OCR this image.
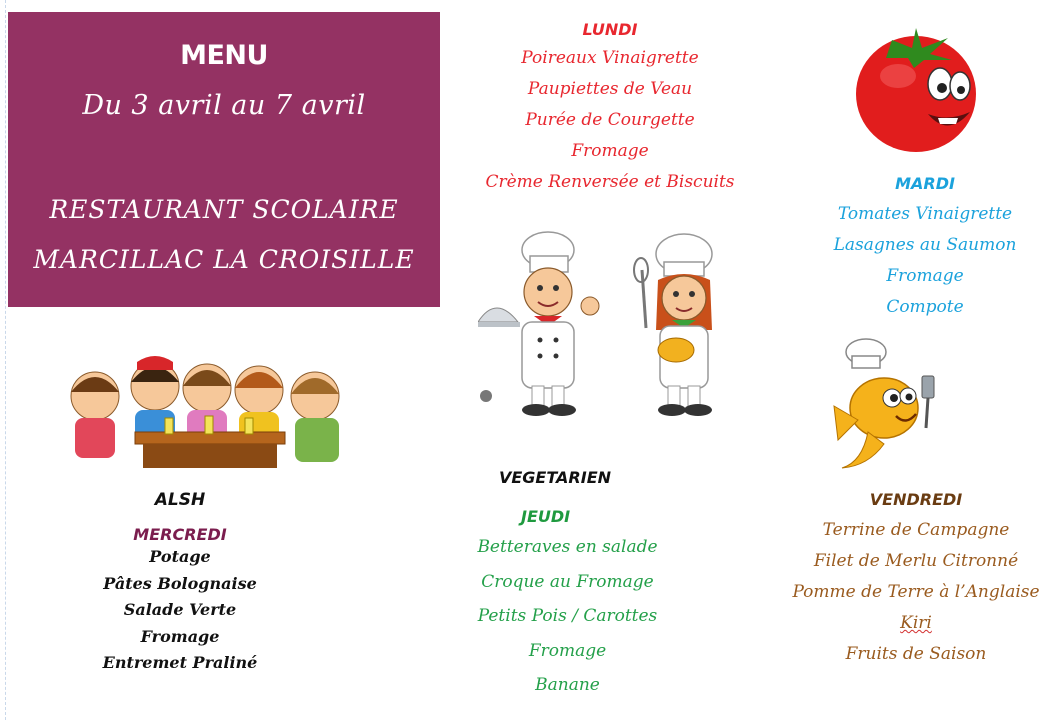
MENU
Du 3 avril au 7 avril
RESTAURANT SCOLAIRE
MARCILLAC LA CROISILLE
LUNDI
Poireaux Vinaigrette
Paupiettes de Veau
Purée de Courgette
Fromage
Crème Renversée et Biscuits	MARDI
Tomates Vinaigrette
Lasagnes au Saumon
Fromage
Compote
ALSH
MERCREDI
Potage
Pâtes Bolognaise
Salade Verte
Fromage
Entremet Praliné
VEGETARIEN
JEUDI
Betteraves en salade
Croque au Fromage
Petits Pois / Carottes
Fromage
Banane
VENDREDI
Terrine de Campagne
Filet de Merlu Citronné
Pomme de Terre à l’Anglaise
Kiri
Fruits de Saison
